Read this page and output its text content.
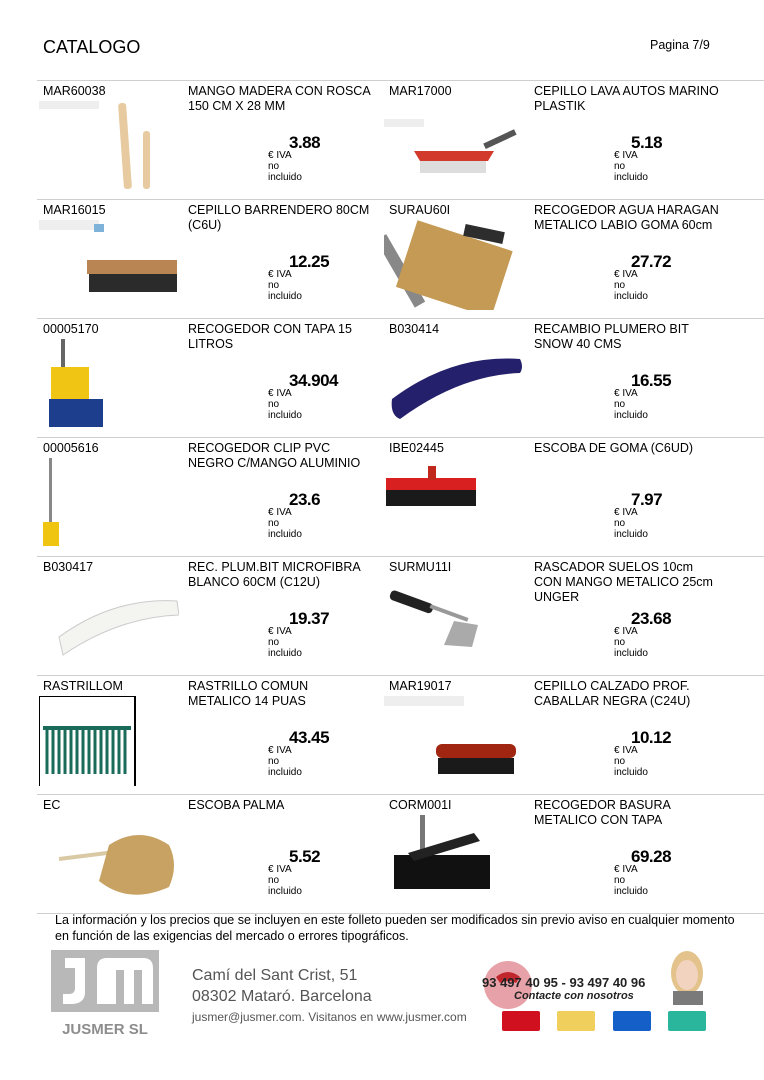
CATALOGO	Pagina 7/9
MAR60038	MANGO MADERA CON ROSCA 150 CM X 28 MM
3.88
€ IVA no incluido
MAR17000	CEPILLO LAVA AUTOS MARINO PLASTIK
5.18
€ IVA no incluido
MAR16015	CEPILLO BARRENDERO 80CM (C6U)
12.25
€ IVA no incluido
SURAU60I	RECOGEDOR AGUA HARAGAN METALICO LABIO GOMA 60cm
27.72
€ IVA no incluido
00005170	RECOGEDOR CON TAPA 15 LITROS
34.904
€ IVA no incluido
B030414	RECAMBIO PLUMERO BIT SNOW 40 CMS
16.55
€ IVA no incluido
00005616	RECOGEDOR CLIP PVC NEGRO C/MANGO ALUMINIO
23.6
€ IVA no incluido
IBE02445	ESCOBA DE GOMA (C6UD)
7.97
€ IVA no incluido
B030417	REC. PLUM.BIT MICROFIBRA BLANCO 60CM (C12U)
19.37
€ IVA no incluido
SURMU11I	RASCADOR SUELOS 10cm CON MANGO METALICO 25cm UNGER
23.68
€ IVA no incluido
RASTRILLOM	RASTRILLO COMUN METALICO 14 PUAS
43.45
€ IVA no incluido
MAR19017	CEPILLO CALZADO PROF. CABALLAR NEGRA (C24U)
10.12
€ IVA no incluido
EC	ESCOBA PALMA
5.52
€ IVA no incluido
CORM001I	RECOGEDOR BASURA METALICO CON TAPA
69.28
€ IVA no incluido
La información y los precios que se incluyen en este folleto pueden ser modificados sin previo aviso en cualquier momento en función de las exigencias del mercado o errores tipográficos.
JUSMER SL
Camí del Sant Crist, 51
08302 Mataró. Barcelona
jusmer@jusmer.com. Visitanos en www.jusmer.com
93 497 40 95 - 93 497 40 96
Contacte con nosotros
